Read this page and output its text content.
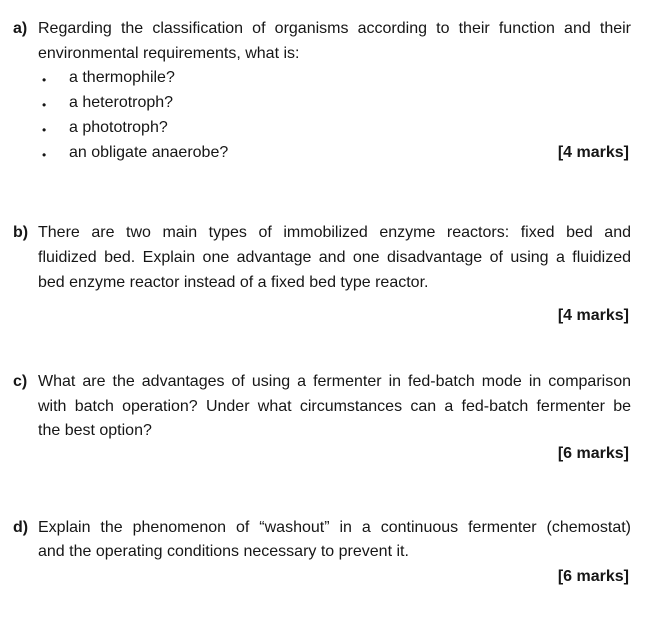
a) Regarding the classification of organisms according to their function and their
environmental requirements, what is:
• a thermophile?
• a heterotroph?
• a phototroph?
• an obligate anaerobe?	[4 marks]
b) There are two main types of immobilized enzyme reactors: fixed bed and
fluidized bed. Explain one advantage and one disadvantage of using a fluidized
bed enzyme reactor instead of a fixed bed type reactor.
[4 marks]
c) What are the advantages of using a fermenter in fed-batch mode in comparison
with batch operation? Under what circumstances can a fed-batch fermenter be
the best option?
[6 marks]
d) Explain the phenomenon of “washout” in a continuous fermenter (chemostat)
and the operating conditions necessary to prevent it.
[6 marks]
